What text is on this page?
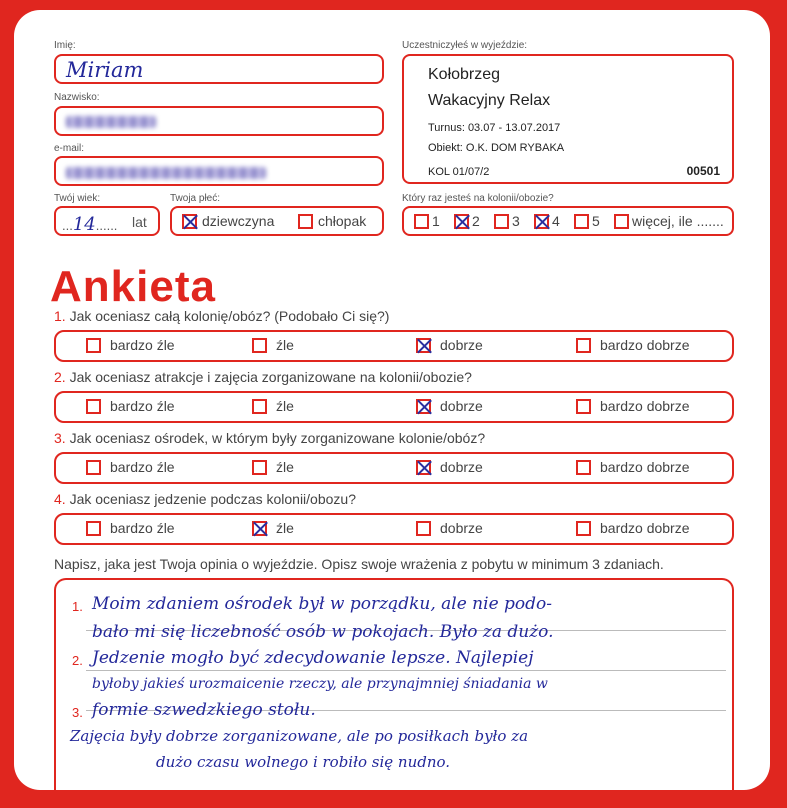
Imię:
Miriam
Nazwisko:
e-mail:
Twój wiek:
...14...... lat
Twoja płeć:
dziewczyna	chłopak
Uczestniczyłeś w wyjeździe:
Kołobrzeg
Wakacyjny Relax
Turnus: 03.07 - 13.07.2017
Obiekt: O.K. DOM RYBAKA
KOL 01/07/2	00501
Który raz jesteś na kolonii/obozie?
1 2 3 4 5 więcej, ile .......
Ankieta
1. Jak oceniasz całą kolonię/obóz? (Podobało Ci się?)
bardzo źle	źle	dobrze	bardzo dobrze
2. Jak oceniasz atrakcje i zajęcia zorganizowane na kolonii/obozie?
bardzo źle	źle	dobrze	bardzo dobrze
3. Jak oceniasz ośrodek, w którym były zorganizowane kolonie/obóz?
bardzo źle	źle	dobrze	bardzo dobrze
4. Jak oceniasz jedzenie podczas kolonii/obozu?
bardzo źle	źle	dobrze	bardzo dobrze
Napisz, jaka jest Twoja opinia o wyjeździe. Opisz swoje wrażenia z pobytu w minimum 3 zdaniach.
1.
2.
3.
Moim zdaniem ośrodek był w porządku, ale nie podo-
bało mi się liczebność osób w pokojach. Było za dużo.
Jedzenie mogło być zdecydowanie lepsze. Najlepiej
byłoby jakieś urozmaicenie rzeczy, ale przynajmniej śniadania w
formie szwedzkiego stołu.
Zajęcia były dobrze zorganizowane, ale po posiłkach było za
dużo czasu wolnego i robiło się nudno.
